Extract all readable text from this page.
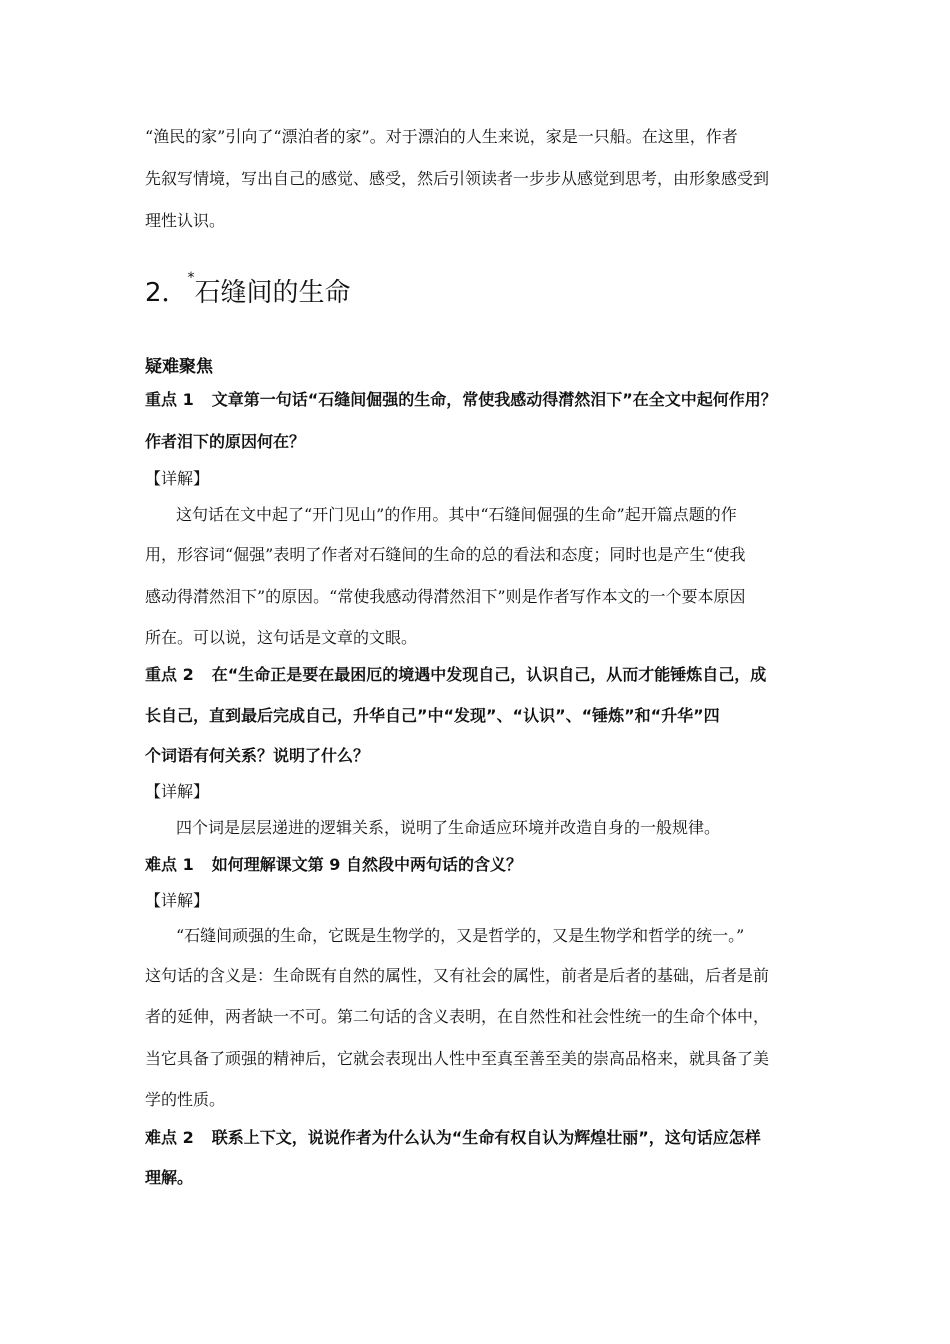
“渔民的家”引向了“漂泊者的家”。对于漂泊的人生来说，家是一只船。在这里，作者
先叙写情境，写出自己的感觉、感受，然后引领读者一步步从感觉到思考，由形象感受到
理性认识。
2．*石缝间的生命
疑难聚焦
重点 1 文章第一句话“石缝间倔强的生命，常使我感动得潸然泪下”在全文中起何作用？
作者泪下的原因何在？
【详解】
这句话在文中起了“开门见山”的作用。其中“石缝间倔强的生命”起开篇点题的作
用，形容词“倔强”表明了作者对石缝间的生命的总的看法和态度；同时也是产生“使我
感动得潸然泪下”的原因。“常使我感动得潸然泪下”则是作者写作本文的一个要本原因
所在。可以说，这句话是文章的文眼。
重点 2 在“生命正是要在最困厄的境遇中发现自己，认识自己，从而才能锤炼自己，成
长自己，直到最后完成自己，升华自己”中“发现”、“认识”、“锤炼”和“升华”四
个词语有何关系？说明了什么？
【详解】
四个词是层层递进的逻辑关系，说明了生命适应环境并改造自身的一般规律。
难点 1 如何理解课文第 9 自然段中两句话的含义？
【详解】
“石缝间顽强的生命，它既是生物学的，又是哲学的，又是生物学和哲学的统一。”
这句话的含义是：生命既有自然的属性，又有社会的属性，前者是后者的基础，后者是前
者的延伸，两者缺一不可。第二句话的含义表明，在自然性和社会性统一的生命个体中，
当它具备了顽强的精神后，它就会表现出人性中至真至善至美的崇高品格来，就具备了美
学的性质。
难点 2 联系上下文，说说作者为什么认为“生命有权自认为辉煌壮丽”，这句话应怎样
理解。
